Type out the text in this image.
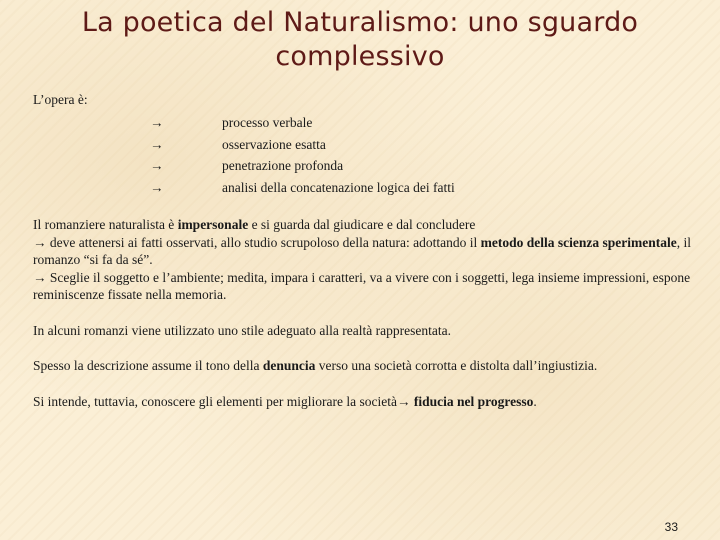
La poetica del Naturalismo: uno sguardo
complessivo
L’opera è:
→	processo verbale
→	osservazione esatta
→	penetrazione profonda
→	analisi della concatenazione logica dei fatti

Il romanziere naturalista è impersonale e si guarda dal giudicare e dal concludere
→ deve attenersi ai fatti osservati, allo studio scrupoloso della natura: adottando il metodo della scienza sperimentale, il romanzo “si fa da sé”.
→ Sceglie il soggetto e l’ambiente; medita, impara i caratteri, va a vivere con i soggetti, lega insieme impressioni, espone reminiscenze fissate nella memoria.

In alcuni romanzi viene utilizzato uno stile adeguato alla realtà rappresentata.

Spesso la descrizione assume il tono della denuncia verso una società corrotta e distolta dall’ingiustizia.

Si intende, tuttavia, conoscere gli elementi per migliorare la società→ fiducia nel progresso.

33
